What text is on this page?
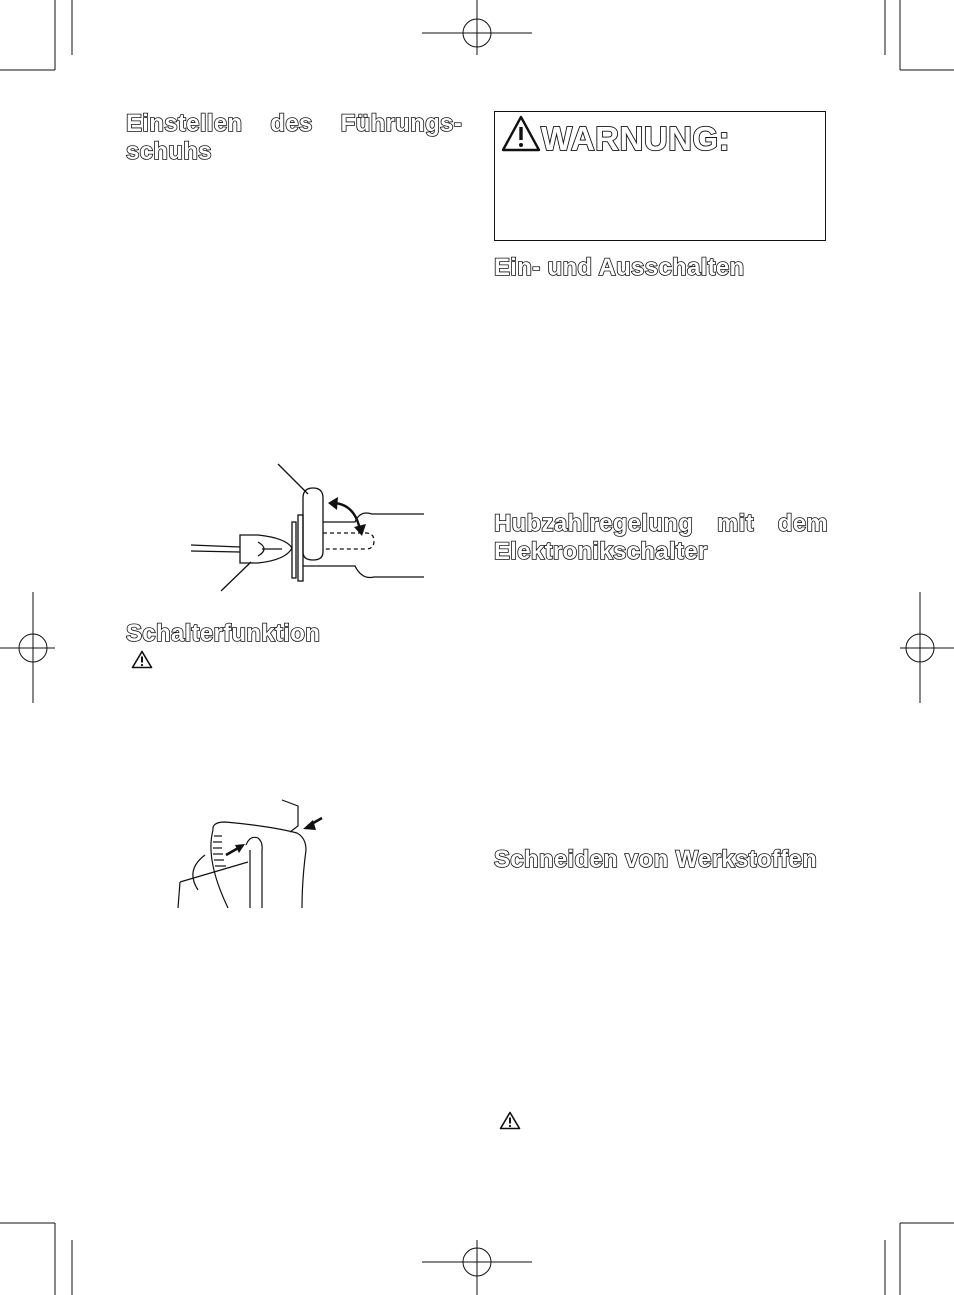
Einstellen des Führungs-
schuhs
Schalterfunktion
WARNUNG:
Ein- und Ausschalten
Hubzahlregelung mit dem
Elektronikschalter
Schneiden von Werkstoffen
